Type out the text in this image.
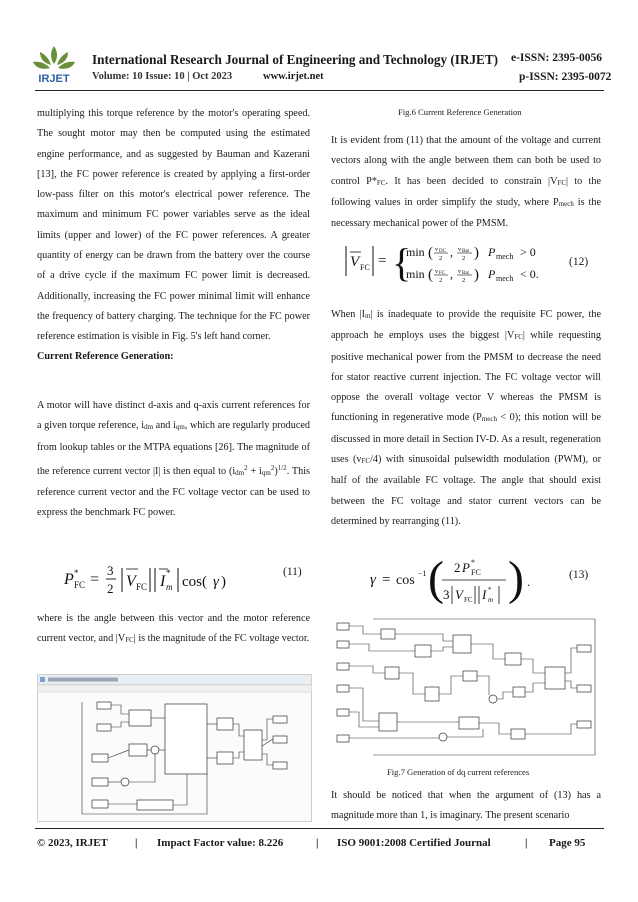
IRJET
International Research Journal of Engineering and Technology (IRJET) e-ISSN: 2395-0056
Volume: 10 Issue: 10 | Oct 2023	www.irjet.net	p-ISSN: 2395-0072

multiplying this torque reference by the motor's operating speed. The sought motor may then be computed using the estimated engine performance, and as suggested by Bauman and Kazerani [13], the FC power reference is created by applying a first-order low-pass filter on this motor's electrical power reference. The maximum and minimum FC power variables serve as the ideal limits (upper and lower) of the FC power references. A greater quantity of energy can be drawn from the battery over the course of a drive cycle if the maximum FC power limit is decreased. Additionally, increasing the FC power minimal limit will enhance the frequency of battery charging. The technique for the FC power reference estimation is visible in Fig. 5's left hand corner.

Current Reference Generation:

A motor will have distinct d-axis and q-axis current references for a given torque reference, idm and iqm, which are regularly produced from lookup tables or the MTPA equations [26]. The magnitude of the reference current vector |I| is then equal to $(idm^2 + iqm^2)^{1/2}$. This reference current vector and the FC voltage vector can be used to express the benchmark FC power.

P *
FC =
3
2 V FC I *
m cos( γ )
(11)

where is the angle between this vector and the motor reference current vector, and |VFC| is the magnitude of the FC voltage vector.

Fig.6 Current Reference Generation

It is evident from (11) that the amount of the voltage and current vectors along with the angle between them can both be used to control P*FC. It has been decided to constrain |VFC| to the following values in order simplify the study, where Pmech is the necessary mechanical power of the PMSM.

V FC = {
min ( v DC
2 , v Bat
2 ) P mech > 0
min ( v FC
2 , v Bat
2 ) P mech < 0.
(12)

When |Im| is inadequate to provide the requisite FC power, the approach he employs uses the biggest |VFC| while requesting positive mechanical power from the PMSM to decrease the need for stator reactive current injection. The FC voltage vector will oppose the overall voltage vector V whereas the PMSM is functioning in regenerative mode (Pmech < 0); this notion will be discussed in more detail in Section IV-D. As a result, regeneration uses (vFC/4) with sinusoidal pulsewidth modulation (PWM), or half of the available FC voltage. The angle that should exist between the FC voltage and stator current vectors can be determined by rearranging (11).

γ = cos −1 ( 2 P *
FC
3 V FC I *
m ) .	(13)
Fig.7 Generation of dq current references

It should be noticed that when the argument of (13) has a magnitude more than 1, is imaginary. The present scenario

© 2023, IRJET | Impact Factor value: 8.226	| ISO 9001:2008 Certified Journal	| Page 95
